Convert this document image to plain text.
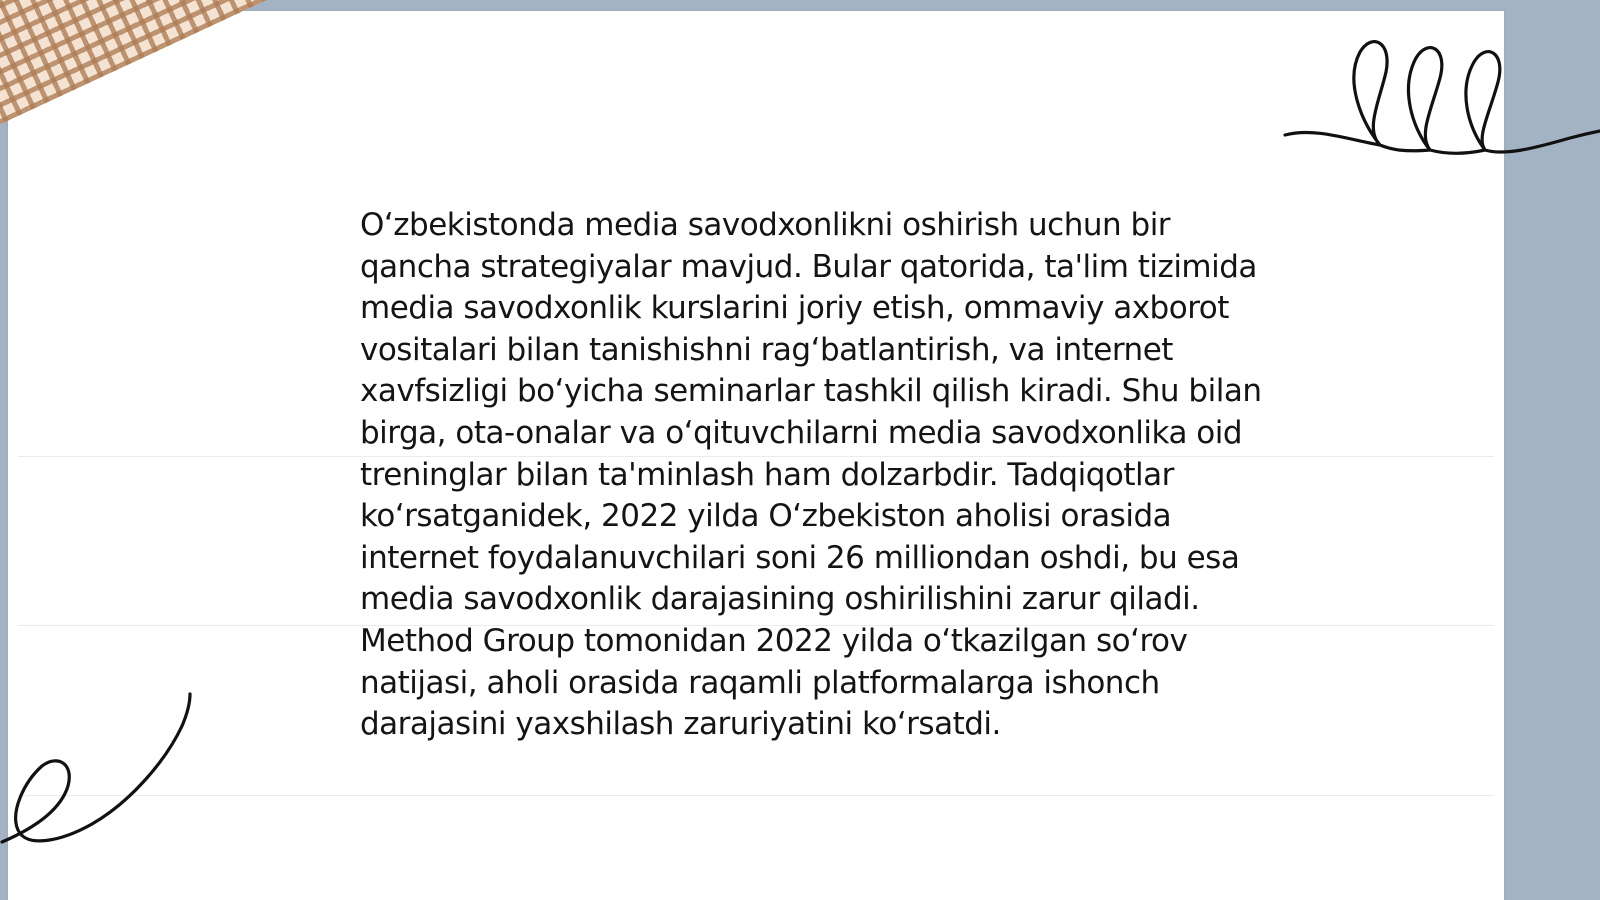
O‘zbekistonda media savodxonlikni oshirish uchun bir qancha strategiyalar mavjud. Bular qatorida, ta'lim tizimida media savodxonlik kurslarini joriy etish, ommaviy axborot vositalari bilan tanishishni rag‘batlantirish, va internet xavfsizligi bo‘yicha seminarlar tashkil qilish kiradi. Shu bilan birga, ota-onalar va o‘qituvchilarni media savodxonlika oid treninglar bilan ta'minlash ham dolzarbdir. Tadqiqotlar ko‘rsatganidek, 2022 yilda O‘zbekiston aholisi orasida internet foydalanuvchilari soni 26 milliondan oshdi, bu esa media savodxonlik darajasining oshirilishini zarur qiladi. Method Group tomonidan 2022 yilda o‘tkazilgan so‘rov natijasi, aholi orasida raqamli platformalarga ishonch darajasini yaxshilash zaruriyatini ko‘rsatdi.
